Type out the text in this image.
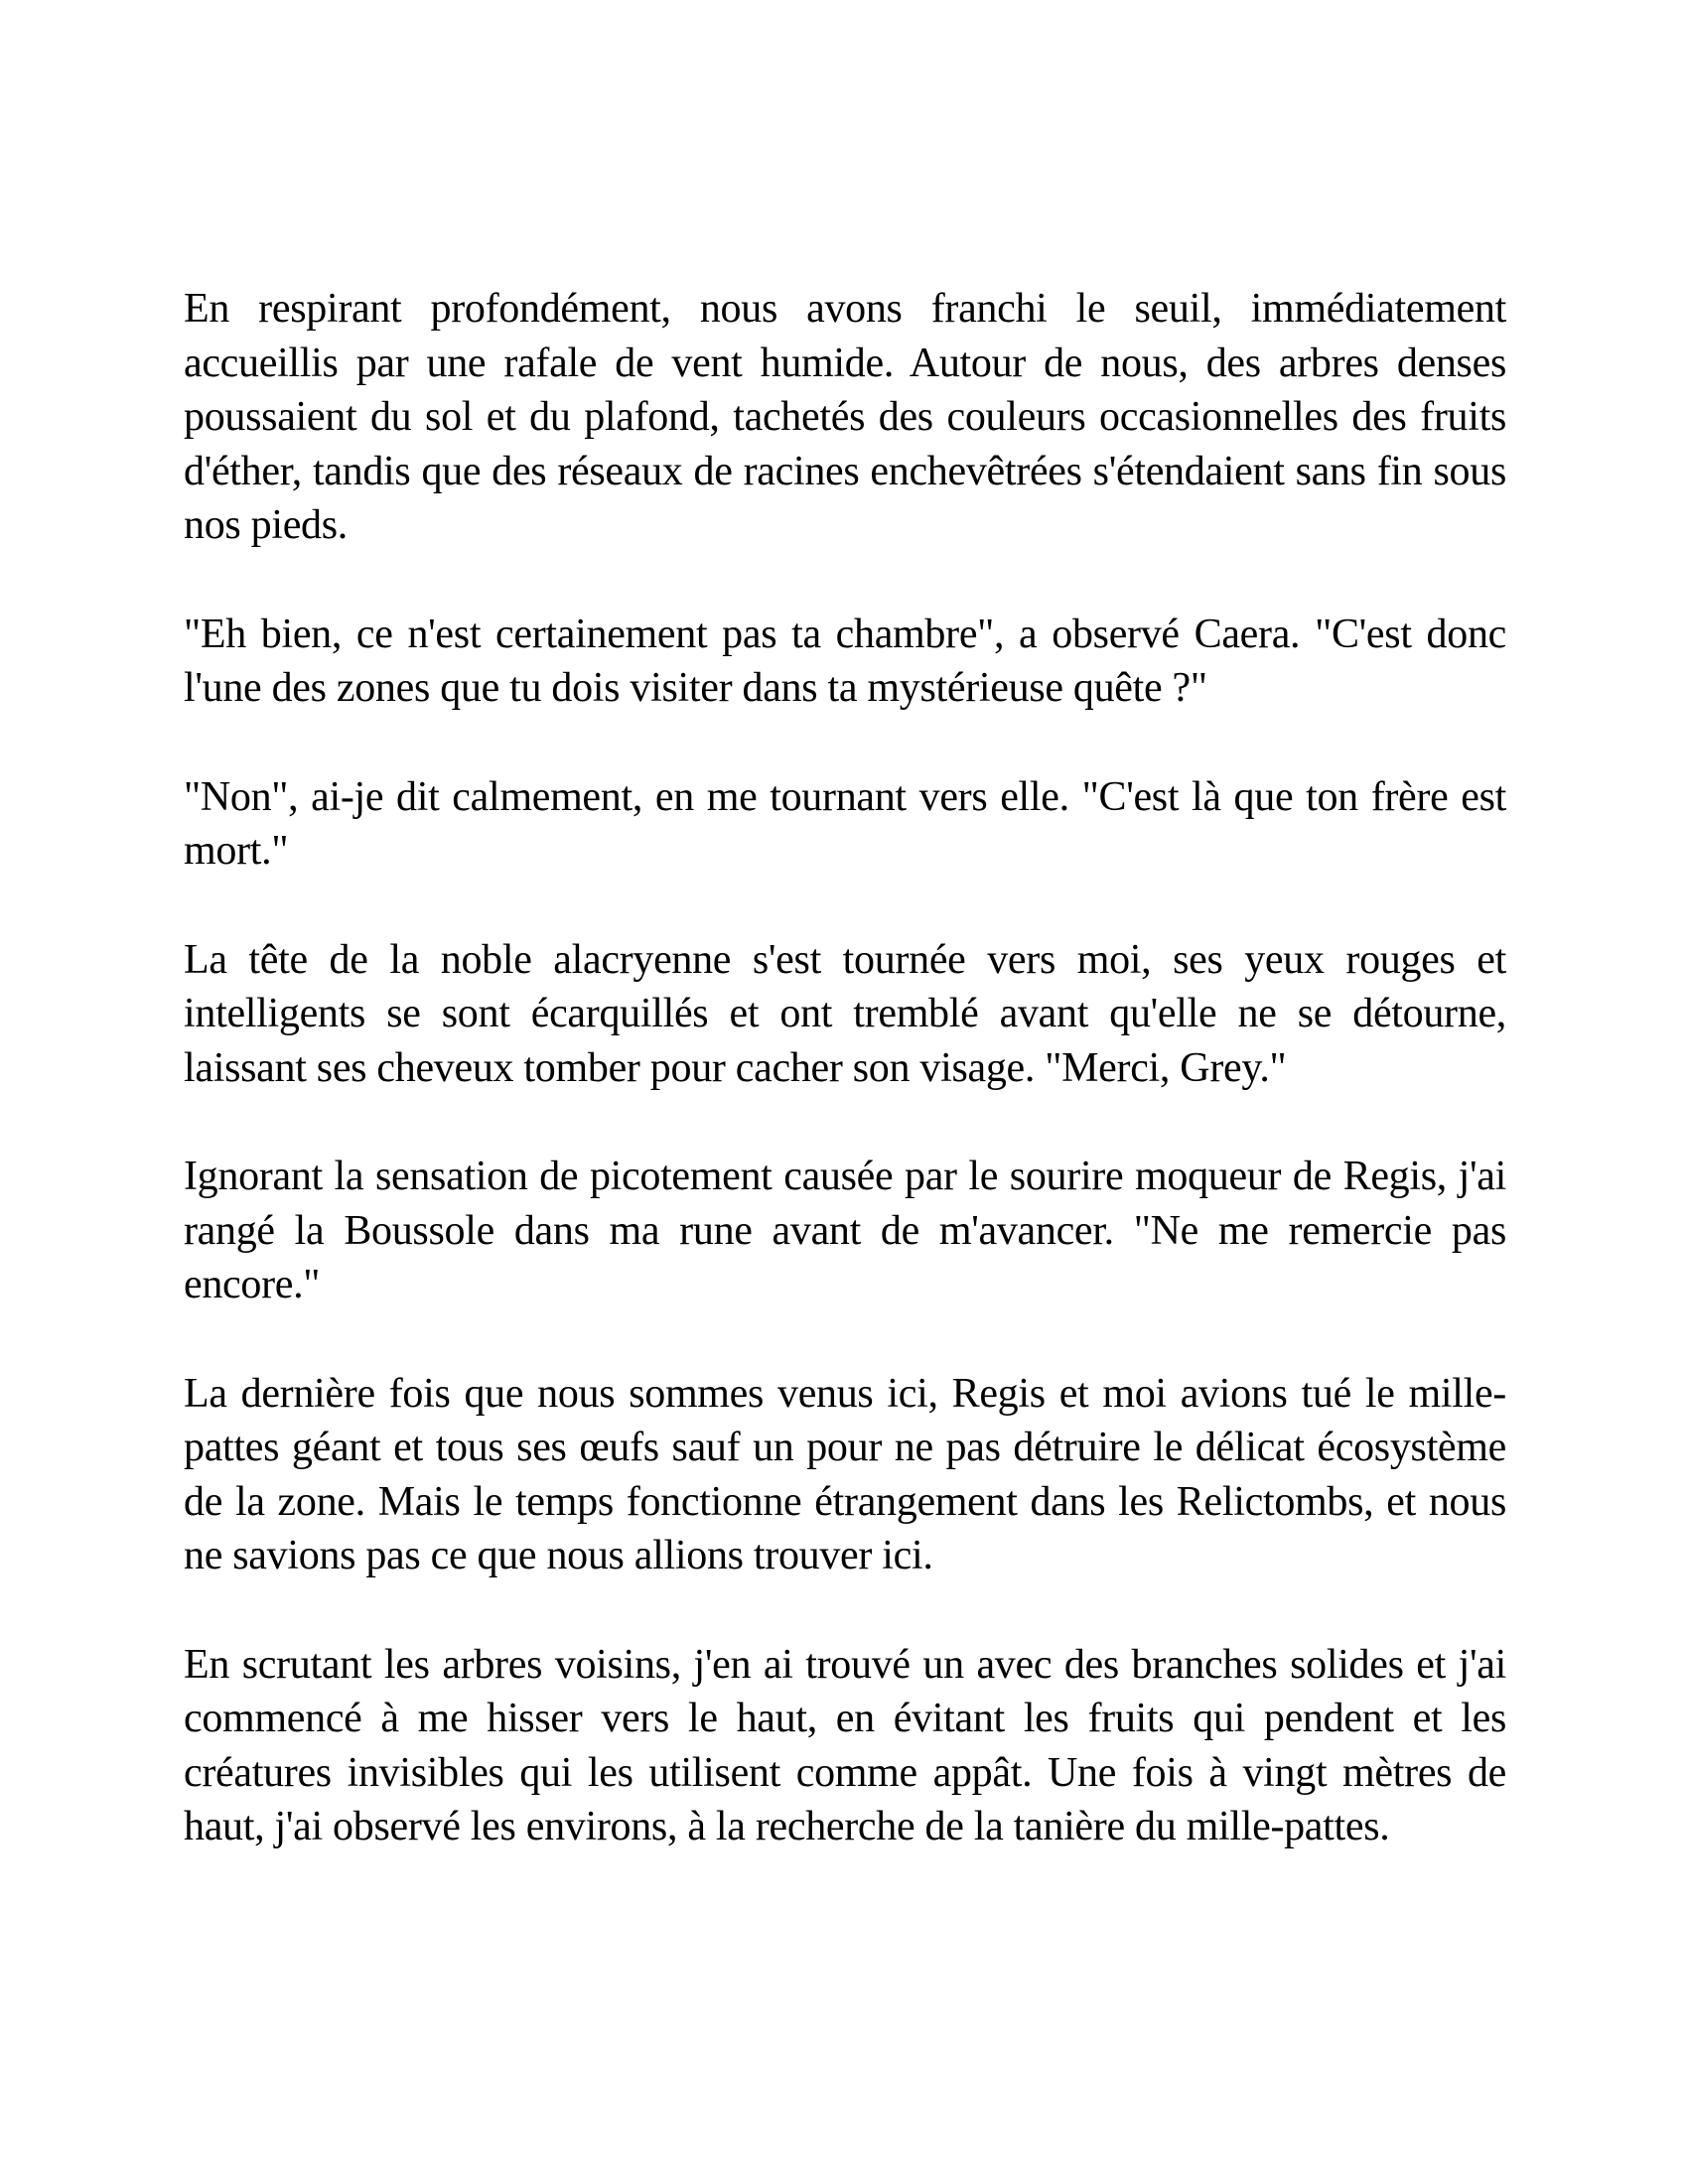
En respirant profondément, nous avons franchi le seuil, immédiatement accueillis par une rafale de vent humide. Autour de nous, des arbres denses poussaient du sol et du plafond, tachetés des couleurs occasionnelles des fruits d'éther, tandis que des réseaux de racines enchevêtrées s'étendaient sans fin sous nos pieds.

"Eh bien, ce n'est certainement pas ta chambre", a observé Caera. "C'est donc l'une des zones que tu dois visiter dans ta mystérieuse quête ?"

"Non", ai-je dit calmement, en me tournant vers elle. "C'est là que ton frère est mort."

La tête de la noble alacryenne s'est tournée vers moi, ses yeux rouges et intelligents se sont écarquillés et ont tremblé avant qu'elle ne se détourne, laissant ses cheveux tomber pour cacher son visage. "Merci, Grey."

Ignorant la sensation de picotement causée par le sourire moqueur de Regis, j'ai rangé la Boussole dans ma rune avant de m'avancer. "Ne me remercie pas encore."

La dernière fois que nous sommes venus ici, Regis et moi avions tué le mille-pattes géant et tous ses œufs sauf un pour ne pas détruire le délicat écosystème de la zone. Mais le temps fonctionne étrangement dans les Relictombs, et nous ne savions pas ce que nous allions trouver ici.

En scrutant les arbres voisins, j'en ai trouvé un avec des branches solides et j'ai commencé à me hisser vers le haut, en évitant les fruits qui pendent et les créatures invisibles qui les utilisent comme appât. Une fois à vingt mètres de haut, j'ai observé les environs, à la recherche de la tanière du mille-pattes.
